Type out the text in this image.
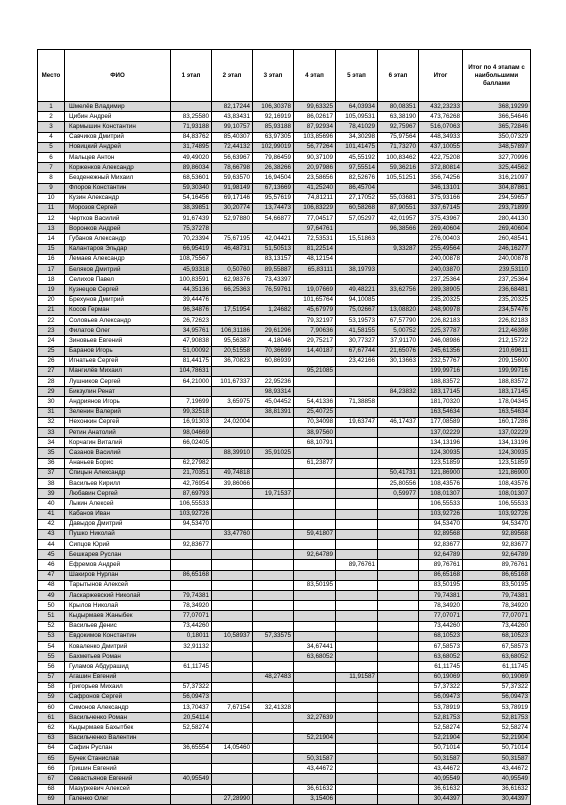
Место	ФИО	1 этап	2 этап	3 этап	4 этап	5 этап	6 этап	Итог	Итог по 4 этапам с наибольшими баллами
1	Шмелёв Владимир		82,17244	106,30378	99,63325	64,03934	80,08351	432,23233	368,19299
2	Цибин Андрей	83,25580	43,83431	92,16919	86,02617	105,09531	63,38190	473,76268	366,54646
3	Кармышин Константин	71,93188	99,10757	85,93188	87,92934	78,41029	92,75967	516,07063	365,72846
4	Савчиков Дмитрий	84,83762	85,40307	63,97305	103,85696	34,30298	75,97564	448,34933	350,07329
5	Новицкий Андрей	31,74895	72,44132	102,99019	56,77264	101,41475	71,73270	437,10055	348,57897
6	Мальцев Антон	49,49020	56,63967	79,86459	90,37109	45,55192	100,83462	422,75208	327,70996
7	Корженков Александр	89,86034	78,66798	26,38266	20,97986	97,55514	59,36216	372,80814	325,44562
8	Безденежный Михаил	68,53601	59,63570	16,94504	23,58656	82,52676	105,51251	356,74256	316,21097
9	Флоров Константин	59,30340	91,98149	67,13669	41,25240	86,45704		346,13101	304,87861
10	Кузин Александр	54,16456	69,17146	95,57619	74,81211	27,17052	55,03681	375,93166	294,59657
11	Морозов Сергей	38,39851	30,20774	13,74473	106,83229	60,58268	87,90551	337,67145	293,71899
12	Чертков Василий	91,67439	52,97880	54,66877	77,04517	57,05297	42,01957	375,43967	280,44130
13	Воронков Андрей	75,37278			97,64761		96,38566	269,40604	269,40604
14	Губанов Александр	70,23394	75,67195	42,04421	72,53531	15,51863		276,00403	260,48541
15	Калантаров Эльдар	66,95419	46,48731	51,50513	81,22514		9,33287	255,49564	246,16277
16	Лемаев Александр	108,75567		83,13157	48,12154			240,00878	240,00878
17	Беляков Дмитрий	45,93318	0,50760	89,55887	65,83111	38,19793		240,03870	239,53110
18	Селихов Павел	100,83591	62,98376	73,43397				237,25364	237,25364
19	Кузнецов Сергей	44,35136	66,25363	76,59761	19,07669	49,48221	33,62756	289,38905	236,68481
20	Брехунов Дмитрий	39,44476			101,65764	94,10085		235,20325	235,20325
21	Косов Герман	96,34876	17,51954	1,24682	45,67979	75,02667	13,08820	248,90978	234,57476
22	Соловьев Александр	26,72623			79,32197	53,19573	67,57790	226,82183	226,82183
23	Филатов Олег	34,95761	106,31186	29,61296	7,90636	41,58155	5,00752	225,37787	212,46398
24	Зиновьев Евгений	47,90838	95,56387	4,18046	29,75217	30,77327	37,91170	246,08986	212,15722
25	Баранов Игорь	51,00092	20,51558	70,36699	14,40187	67,67744	21,65076	245,61356	210,69611
26	Игнатьев Сергей	81,44175	36,70823	60,86939		23,42166	30,13663	232,57767	209,15600
27	Мангилёв Михаил	104,78631			95,21085			199,99716	199,99716
28	Лушников Сергей	64,21000	101,67337	22,95236				188,83572	188,83572
29	Бикзулин Ренат			98,93314			84,23832	183,17145	183,17145
30	Андриянов Игорь	7,19699	3,65975	45,04452	54,41336	71,38858		181,70320	178,04345
31	Зеленин Валерий	99,32518		38,81391	25,40725			163,54634	163,54634
32	Нехонкин Сергей	16,91303	24,02004		70,34098	19,63747	46,17437	177,08589	160,17286
33	Ретин Анатолий	98,04669			38,97560			137,02229	137,02229
34	Корчагин Виталий	66,02405			68,10791			134,13196	134,13196
35	Сазанов Василий		88,39910	35,91025				124,30935	124,30935
36	Ананьев Борис	62,27982			61,23877			123,51859	123,51859
37	Спицын Александр	21,70351	49,74818				50,41731	121,86900	121,86900
38	Васильев Кирилл	42,76954	39,86066				25,80556	108,43576	108,43576
39	Любавин Сергей	87,69793		19,71537			0,59977	108,01307	108,01307
40	Лыкин Алексей	106,55533						106,55533	106,55533
41	Кабанов Иван	103,92726						103,92726	103,92726
42	Давыдов Дмитрий	94,53470						94,53470	94,53470
43	Пушко Николай		33,47760		59,41807			92,89568	92,89568
44	Сипцов Юрий	92,83677						92,83677	92,83677
45	Бешкарев Руслан				92,64789			92,64789	92,64789
46	Ефремов Андрей					89,76761		89,76761	89,76761
47	Шакиров Нурлан	86,65168						86,65168	86,65168
48	Тарытынов Алексей				83,50195			83,50195	83,50195
49	Ласкаржевский Николай	79,74381						79,74381	79,74381
50	Крылов Николай	78,34920						78,34920	78,34920
51	Кыдырмаев Жаныбек	77,07071						77,07071	77,07071
52	Васильев Денис	73,44260						73,44260	73,44260
53	Евдокимов Константин	0,18011	10,58937	57,33575				68,10523	68,10523
54	Коваленко Дмитрий	32,91132			34,67441			67,58573	67,58573
55	Бахметьев Роман				63,68052			63,68052	63,68052
56	Гуламов Абдурашид	61,11745						61,11745	61,11745
57	Агашин Евгений			48,27483		11,91587		60,19069	60,19069
58	Григорьев Михаил	57,37322						57,37322	57,37322
59	Сафронов Сергей	56,09473						56,09473	56,09473
60	Симонов Александр	13,70437	7,67154	32,41328				53,78919	53,78919
61	Васильченко Роман	20,54114			32,27639			52,81753	52,81753
62	Кыдырмаев Бахытбек	52,58274						52,58274	52,58274
63	Васильченко Валентин				52,21904			52,21904	52,21904
64	Сафин Руслан	36,65554	14,05460					50,71014	50,71014
65	Бучек Станислав				50,31587			50,31587	50,31587
66	Гришин Евгений				43,44672			43,44672	43,44672
67	Севастьянов Евгений	40,95549						40,95549	40,95549
68	Мазуркевич Алексей				36,61632			36,61632	36,61632
69	Галенко Олег		27,28990		3,15406			30,44397	30,44397
